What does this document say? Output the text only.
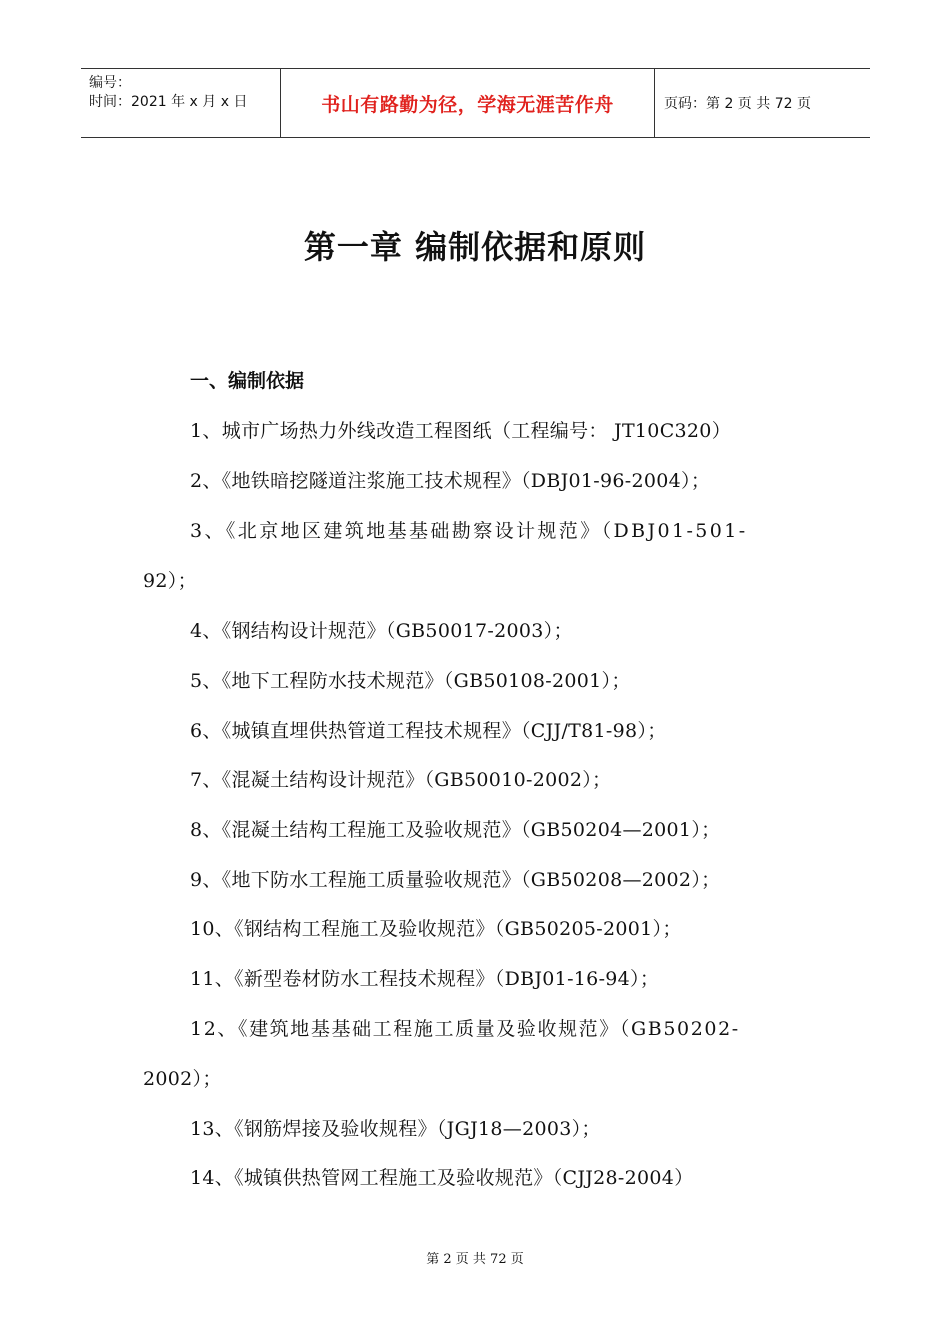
编号：
时间：2021 年 x 月 x 日	书山有路勤为径，学海无涯苦作舟	页码：第 2 页 共 72 页
第一章 编制依据和原则
一、编制依据
1、城市广场热力外线改造工程图纸（工程编号： JT10C320）
2、《地铁暗挖隧道注浆施工技术规程》（DBJ01-96-2004）；
3、《北京地区建筑地基基础勘察设计规范》（DBJ01-501-
92）；
4、《钢结构设计规范》（GB50017-2003）；
5、《地下工程防水技术规范》（GB50108-2001）；
6、《城镇直埋供热管道工程技术规程》（CJJ/T81-98）；
7、《混凝土结构设计规范》（GB50010-2002）；
8、《混凝土结构工程施工及验收规范》（GB50204—2001）；
9、《地下防水工程施工质量验收规范》（GB50208—2002）；
10、《钢结构工程施工及验收规范》（GB50205-2001）；
11、《新型卷材防水工程技术规程》（DBJ01-16-94）；
12、《建筑地基基础工程施工质量及验收规范》（GB50202-
2002）；
13、《钢筋焊接及验收规程》（JGJ18—2003）；
14、《城镇供热管网工程施工及验收规范》（CJJ28-2004）
第 2 页 共 72 页
